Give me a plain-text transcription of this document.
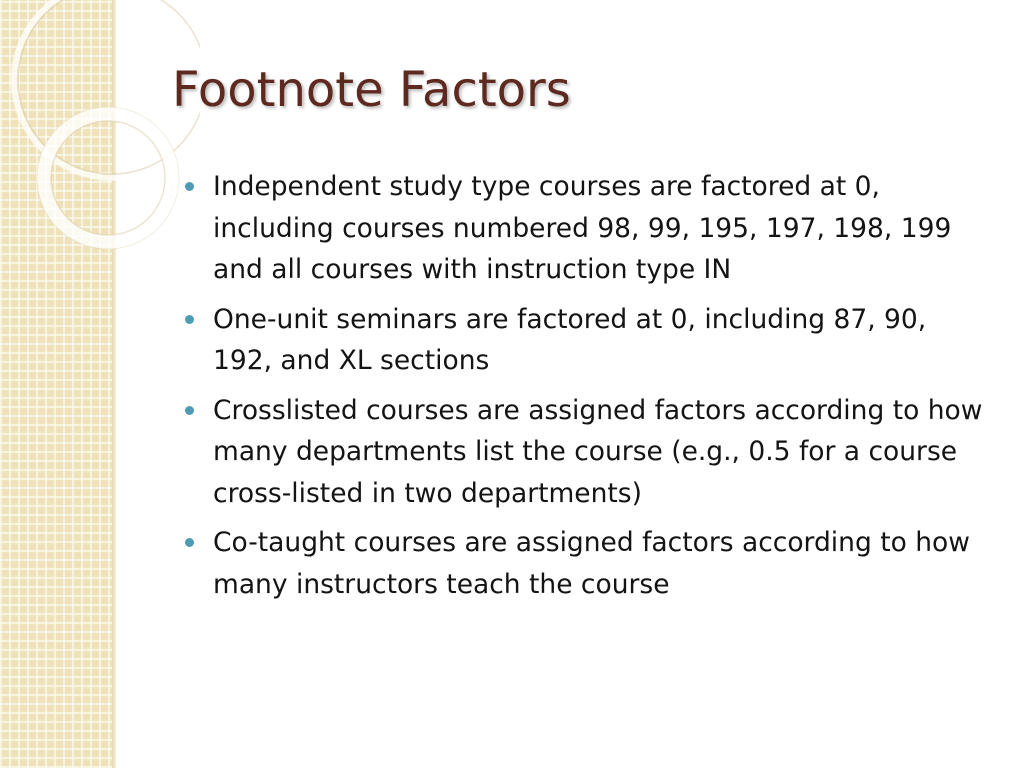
Footnote Factors
Independent study type courses are factored at 0, including courses numbered 98, 99, 195, 197, 198, 199 and all courses with instruction type IN
One-unit seminars are factored at 0, including 87, 90, 192, and XL sections
Crosslisted courses are assigned factors according to how many departments list the course (e.g., 0.5 for a course cross-listed in two departments)
Co-taught courses are assigned factors according to how many instructors teach the course
